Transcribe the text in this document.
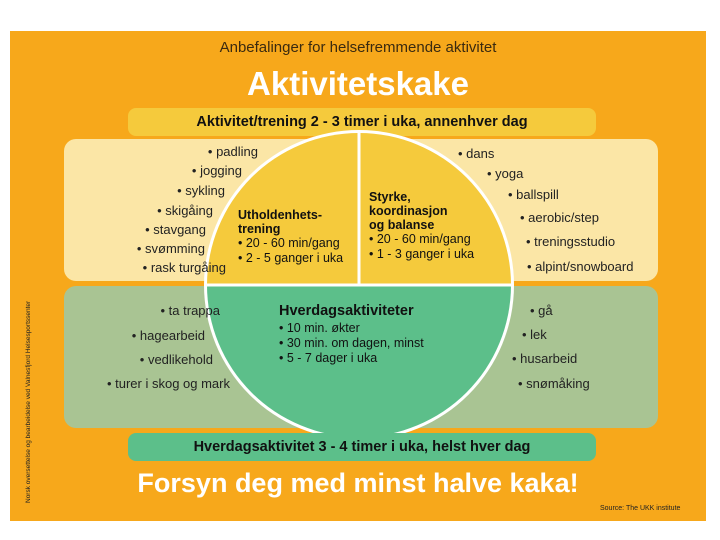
Anbefalinger for helsefremmende aktivitet
Aktivitetskake
Aktivitet/trening 2 - 3 timer i uka, annenhver dag
Utholdenhets-
trening
• 20 - 60 min/gang
• 2 - 5 ganger i uka
Styrke,
koordinasjon
og balanse
• 20 - 60 min/gang
• 1 - 3 ganger i uka
Hverdagsaktiviteter
• 10 min. økter
• 30 min. om dagen, minst
• 5 - 7 dager i uka
• padling
• jogging
• sykling
• skigåing
• stavgang
• svømming
• rask turgåing
• dans
• yoga
• ballspill
• aerobic/step
• treningsstudio
• alpint/snowboard
• ta trappa
• hagearbeid
• vedlikehold
• turer i skog og mark
• gå
• lek
• husarbeid
• snømåking
Hverdagsaktivitet 3 - 4 timer i uka, helst hver dag
Forsyn deg med minst halve kaka!
Source: The UKK institute
Norsk oversettelse og bearbeidelse ved Valnesfjord Helsesportssenter
